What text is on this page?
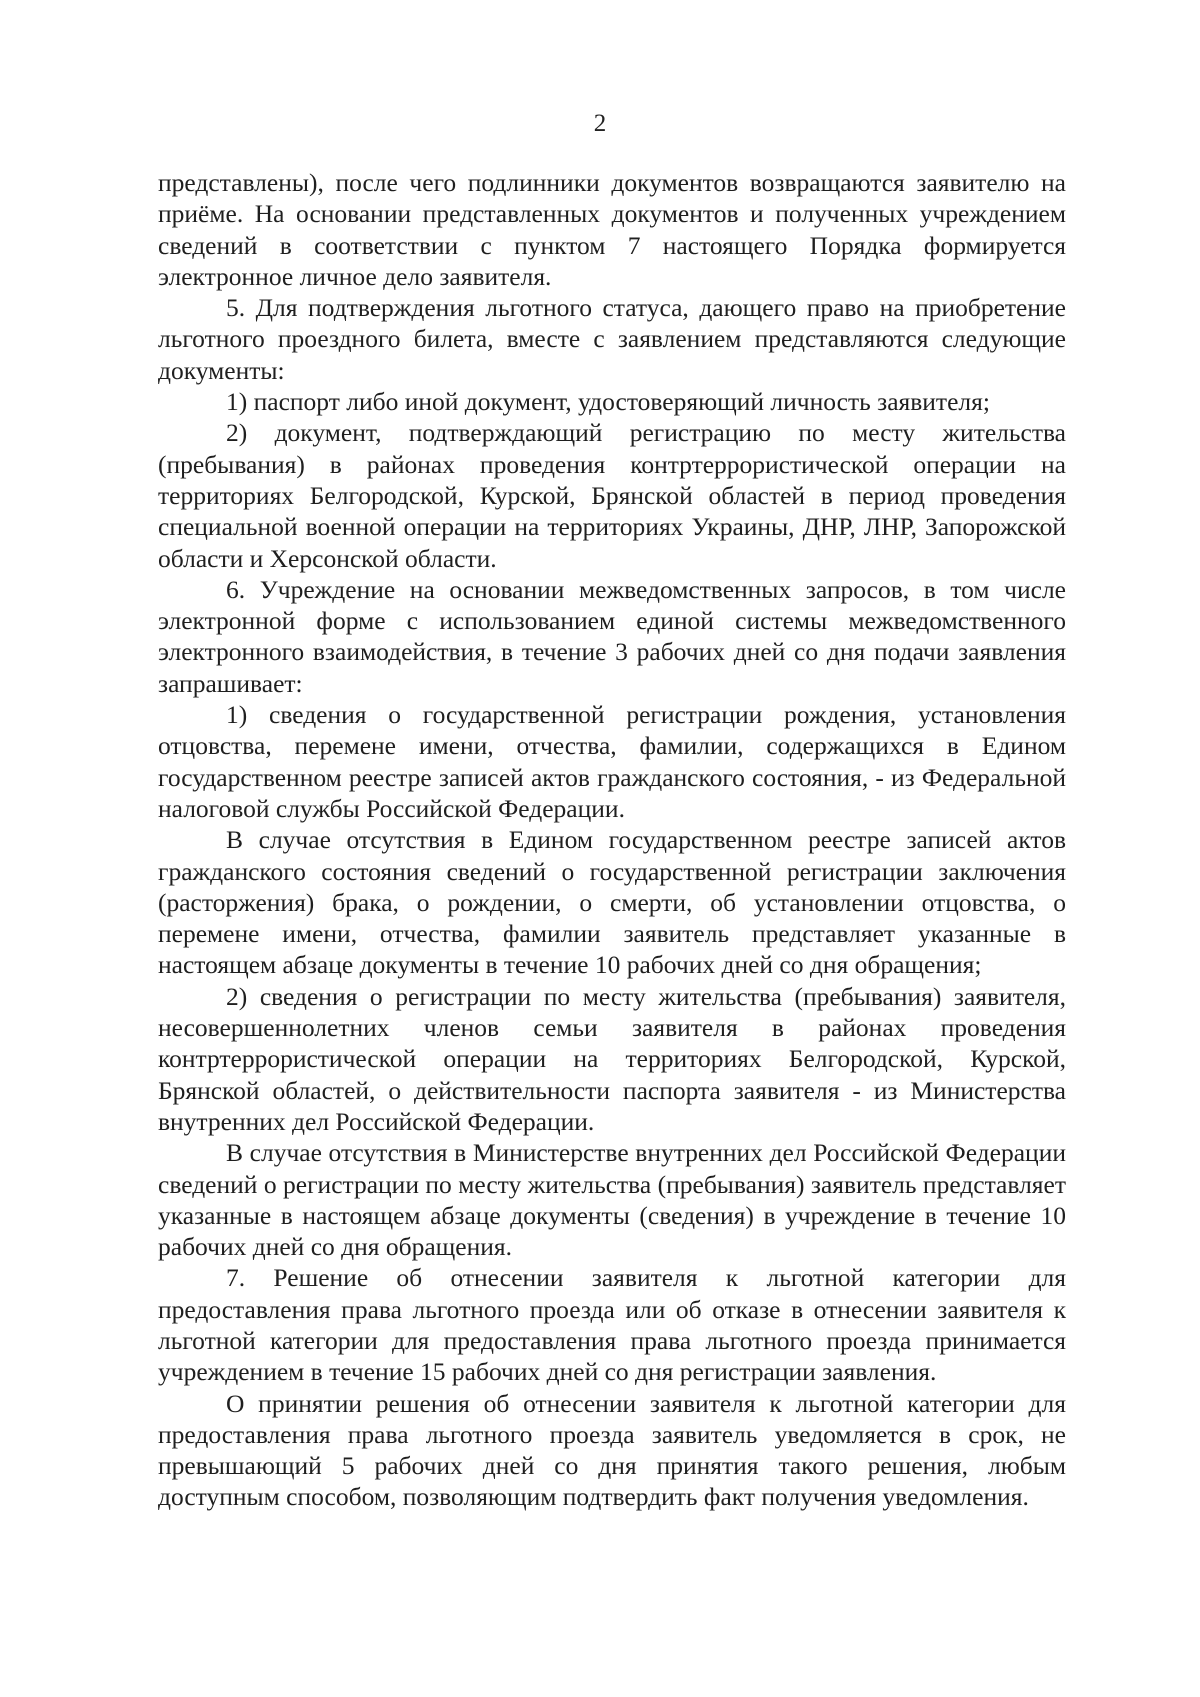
2

представлены), после чего подлинники документов возвращаются заявителю на приёме. На основании представленных документов и полученных учреждением сведений в соответствии с пунктом 7 настоящего Порядка формируется электронное личное дело заявителя.

5. Для подтверждения льготного статуса, дающего право на приобретение льготного проездного билета, вместе с заявлением представляются следующие документы:

1) паспорт либо иной документ, удостоверяющий личность заявителя;

2) документ, подтверждающий регистрацию по месту жительства (пребывания) в районах проведения контртеррористической операции на территориях Белгородской, Курской, Брянской областей в период проведения специальной военной операции на территориях Украины, ДНР, ЛНР, Запорожской области и Херсонской области.

6. Учреждение на основании межведомственных запросов, в том числе электронной форме с использованием единой системы межведомственного электронного взаимодействия, в течение 3 рабочих дней со дня подачи заявления запрашивает:

1) сведения о государственной регистрации рождения, установления отцовства, перемене имени, отчества, фамилии, содержащихся в Едином государственном реестре записей актов гражданского состояния, - из Федеральной налоговой службы Российской Федерации.

В случае отсутствия в Едином государственном реестре записей актов гражданского состояния сведений о государственной регистрации заключения (расторжения) брака, о рождении, о смерти, об установлении отцовства, о перемене имени, отчества, фамилии заявитель представляет указанные в настоящем абзаце документы в течение 10 рабочих дней со дня обращения;

2) сведения о регистрации по месту жительства (пребывания) заявителя, несовершеннолетних членов семьи заявителя в районах проведения контртеррористической операции на территориях Белгородской, Курской, Брянской областей, о действительности паспорта заявителя - из Министерства внутренних дел Российской Федерации.

В случае отсутствия в Министерстве внутренних дел Российской Федерации сведений о регистрации по месту жительства (пребывания) заявитель представляет указанные в настоящем абзаце документы (сведения) в учреждение в течение 10 рабочих дней со дня обращения.

7. Решение об отнесении заявителя к льготной категории для предоставления права льготного проезда или об отказе в отнесении заявителя к льготной категории для предоставления права льготного проезда принимается учреждением в течение 15 рабочих дней со дня регистрации заявления.

О принятии решения об отнесении заявителя к льготной категории для предоставления права льготного проезда заявитель уведомляется в срок, не превышающий 5 рабочих дней со дня принятия такого решения, любым доступным способом, позволяющим подтвердить факт получения уведомления.
